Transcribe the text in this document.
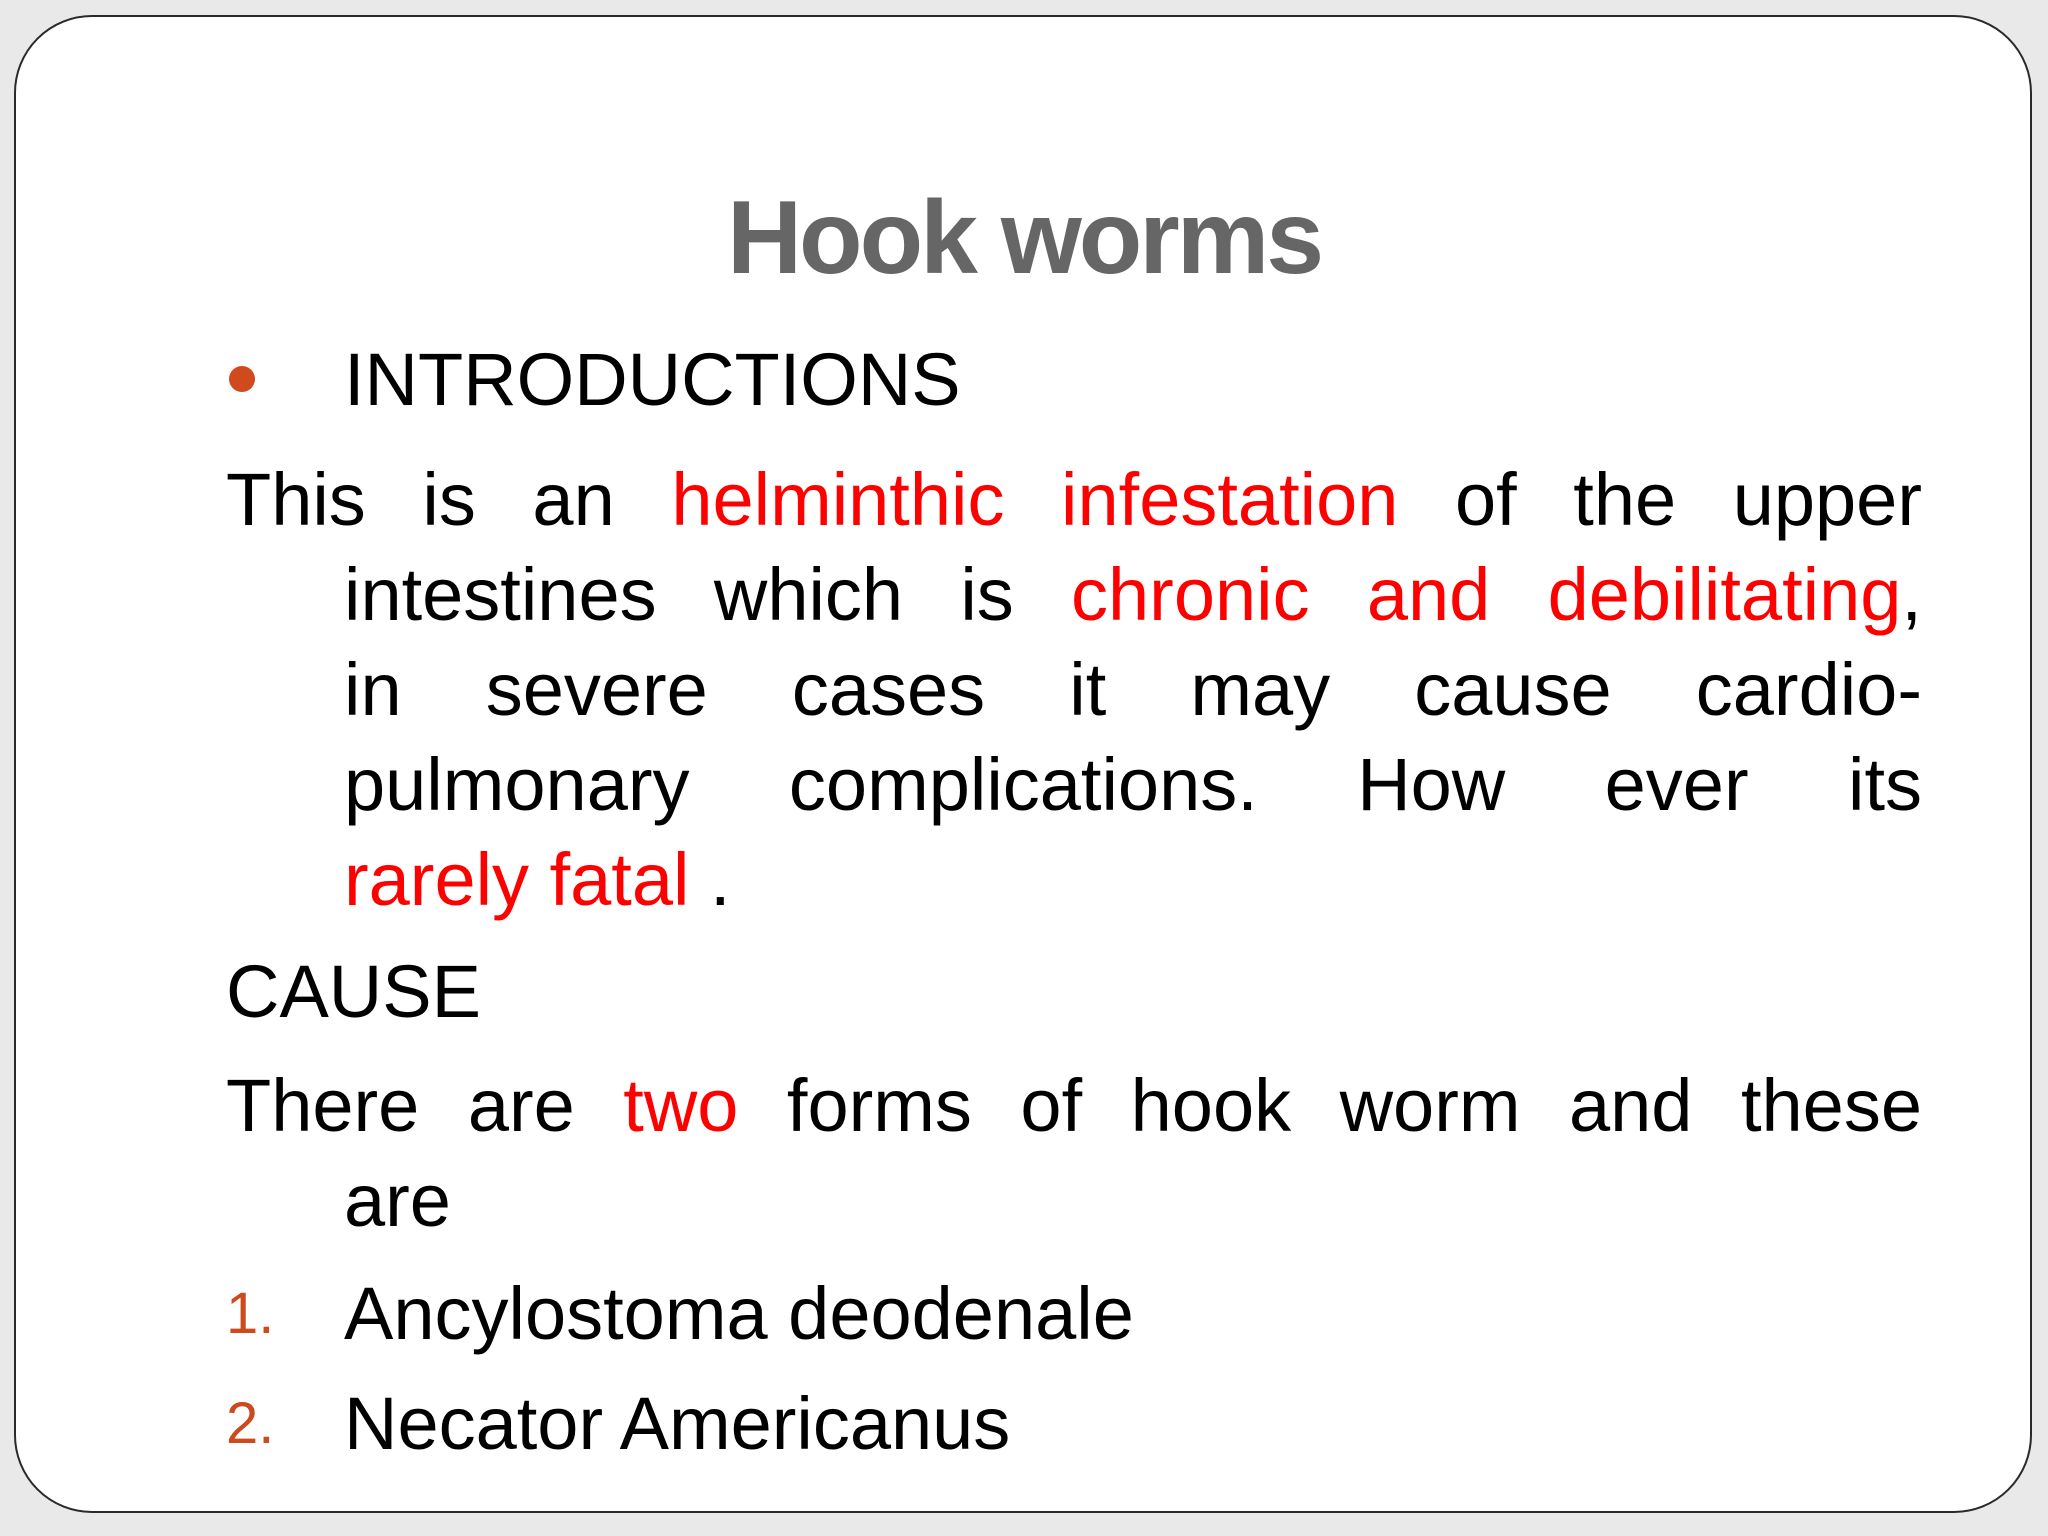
Hook worms
INTRODUCTIONS
This is an helminthic infestation of the upper
intestines which is chronic and debilitating,
in severe cases it may cause cardio-
pulmonary complications. How ever its
rarely fatal .
CAUSE
There are two forms of hook worm and these
are
1. Ancylostoma deodenale
2. Necator Americanus
